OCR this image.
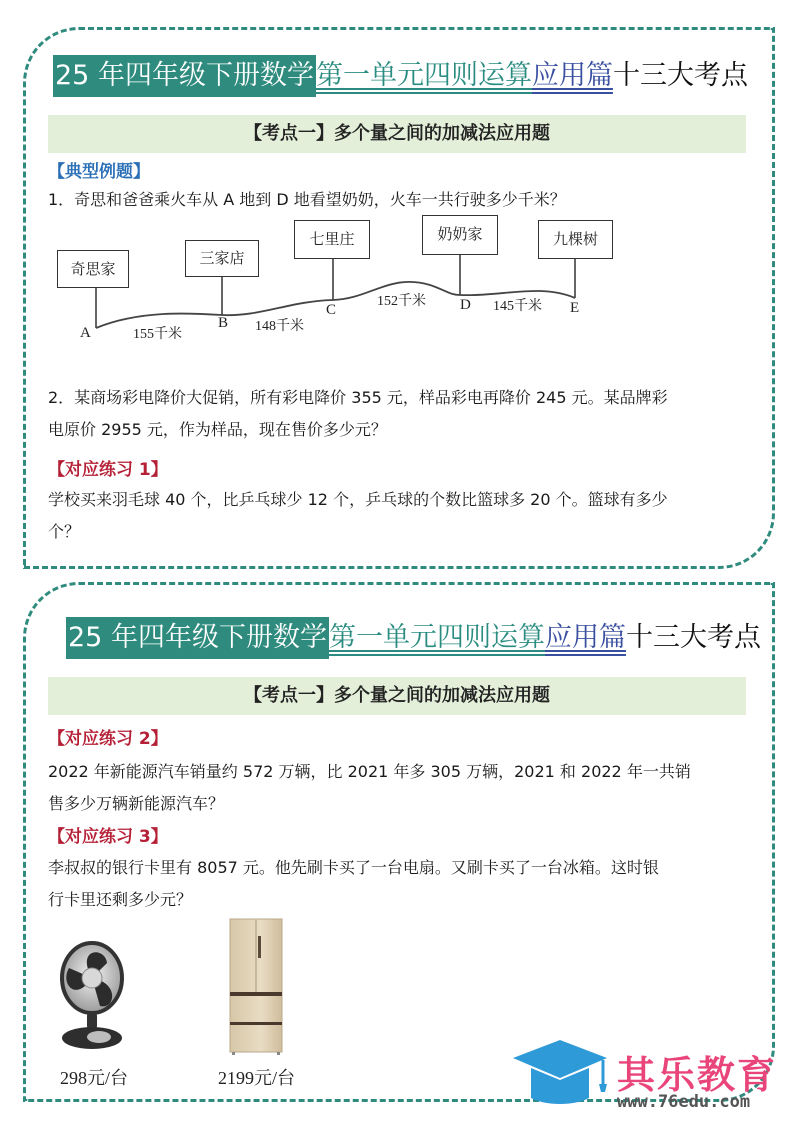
25 年四年级下册数学 第一单元四则运算 应用篇 十三大考点
【考点一】多个量之间的加减法应用题
【典型例题】
1．奇思和爸爸乘火车从 A 地到 D 地看望奶奶，火车一共行驶多少千米？
奇思家
三家店
七里庄	奶奶家	九棵树
A
B
C	D	E
155千米
148千米
152千米	145千米
2．某商场彩电降价大促销，所有彩电降价 355 元，样品彩电再降价 245 元。某品牌彩
电原价 2955 元，作为样品，现在售价多少元？
【对应练习 1】
学校买来羽毛球 40 个，比乒乓球少 12 个，乒乓球的个数比篮球多 20 个。篮球有多少
个？
25 年四年级下册数学 第一单元四则运算 应用篇 十三大考点
【考点一】多个量之间的加减法应用题
【对应练习 2】
2022 年新能源汽车销量约 572 万辆，比 2021 年多 305 万辆，2021 和 2022 年一共销
售多少万辆新能源汽车？
【对应练习 3】
李叔叔的银行卡里有 8057 元。他先刷卡买了一台电扇。又刷卡买了一台冰箱。这时银
行卡里还剩多少元？
298元/台	2199元/台	其乐教育
www.76edu.com
